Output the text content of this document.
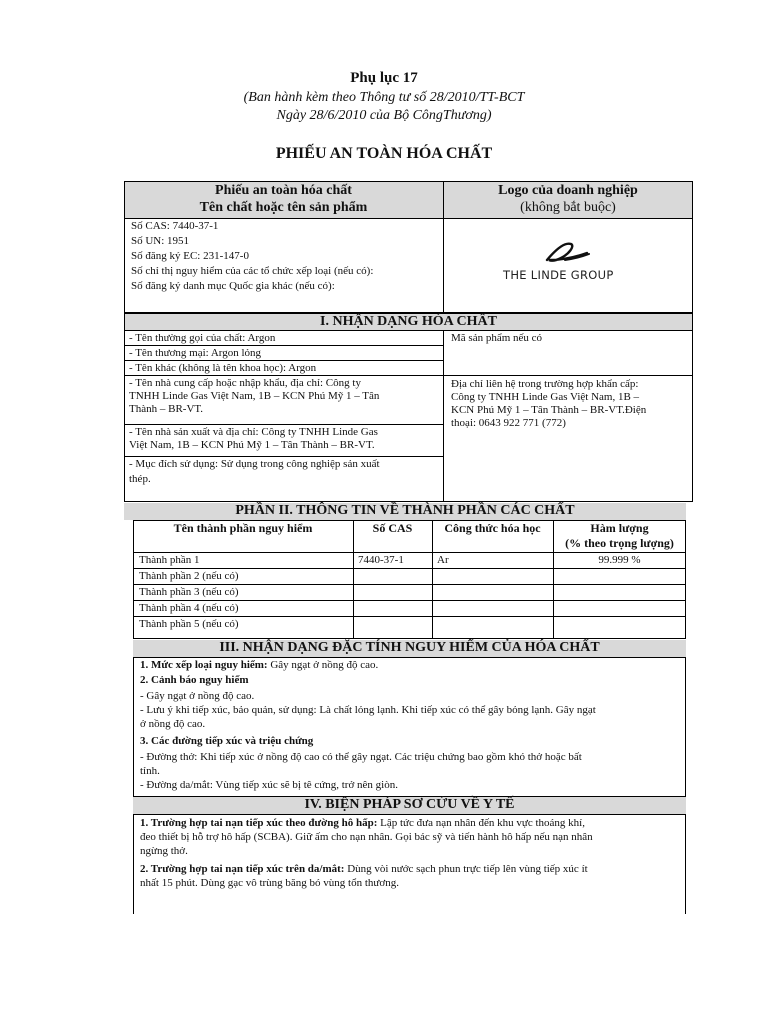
Phụ lục 17
(Ban hành kèm theo Thông tư số 28/2010/TT-BCT
Ngày 28/6/2010 của Bộ CôngThương)
PHIẾU AN TOÀN HÓA CHẤT
Phiếu an toàn hóa chất
Tên chất hoặc tên sản phẩm
Logo của doanh nghiệp
(không bắt buộc)
Số CAS: 7440-37-1
Số UN: 1951
Số đăng ký EC: 231-147-0
Số chỉ thị nguy hiểm của các tổ chức xếp loại (nếu có):
Số đăng ký danh mục Quốc gia khác (nếu có):
THE LINDE GROUP
I. NHẬN DẠNG HÓA CHẤT
- Tên thường gọi của chất: Argon
- Tên thương mại: Argon lỏng
- Tên khác (không là tên khoa học): Argon
- Tên nhà cung cấp hoặc nhập khẩu, địa chỉ: Công ty
TNHH Linde Gas Việt Nam, 1B – KCN Phú Mỹ 1 – Tân
Thành – BR-VT.
- Tên nhà sản xuất và địa chỉ: Công ty TNHH Linde Gas
Việt Nam, 1B – KCN Phú Mỹ 1 – Tân Thành – BR-VT.
- Mục đích sử dụng: Sử dụng trong công nghiệp sản xuất
thép.
Mã sản phẩm nếu có
Địa chỉ liên hệ trong trường hợp khẩn cấp:
Công ty TNHH Linde Gas Việt Nam, 1B –
KCN Phú Mỹ 1 – Tân Thành – BR-VT.Điện
thoại: 0643 922 771 (772)
PHẦN II. THÔNG TIN VỀ THÀNH PHẦN CÁC CHẤT
Tên thành phần nguy hiểm	Số CAS	Công thức hóa học	Hàm lượng
(% theo trọng lượng)
Thành phần 1	7440-37-1	Ar	99.999 %
Thành phần 2 (nếu có)
Thành phần 3 (nếu có)
Thành phần 4 (nếu có)
Thành phần 5 (nếu có)
III. NHẬN DẠNG ĐẶC TÍNH NGUY HIỂM CỦA HÓA CHẤT
1. Mức xếp loại nguy hiểm: Gây ngạt ở nồng độ cao.
2. Cảnh báo nguy hiểm
- Gây ngạt ở nồng độ cao.
- Lưu ý khi tiếp xúc, bảo quản, sử dụng: Là chất lỏng lạnh. Khi tiếp xúc có thể gây bỏng lạnh. Gây ngạt
ở nồng độ cao.
3. Các đường tiếp xúc và triệu chứng
- Đường thở: Khi tiếp xúc ở nồng độ cao có thể gây ngạt. Các triệu chứng bao gồm khó thở hoặc bất
tỉnh.
- Đường da/mắt: Vùng tiếp xúc sẽ bị tê cứng, trở nên giòn.
IV. BIỆN PHÁP SƠ CỨU VỀ Y TẾ
1. Trường hợp tai nạn tiếp xúc theo đường hô hấp: Lập tức đưa nạn nhân đến khu vực thoáng khí,
đeo thiết bị hỗ trợ hô hấp (SCBA). Giữ ấm cho nạn nhân. Gọi bác sỹ và tiến hành hô hấp nếu nạn nhân
ngừng thở.
2. Trường hợp tai nạn tiếp xúc trên da/mắt: Dùng vòi nước sạch phun trực tiếp lên vùng tiếp xúc ít
nhất 15 phút. Dùng gạc vô trùng băng bó vùng tổn thương.
